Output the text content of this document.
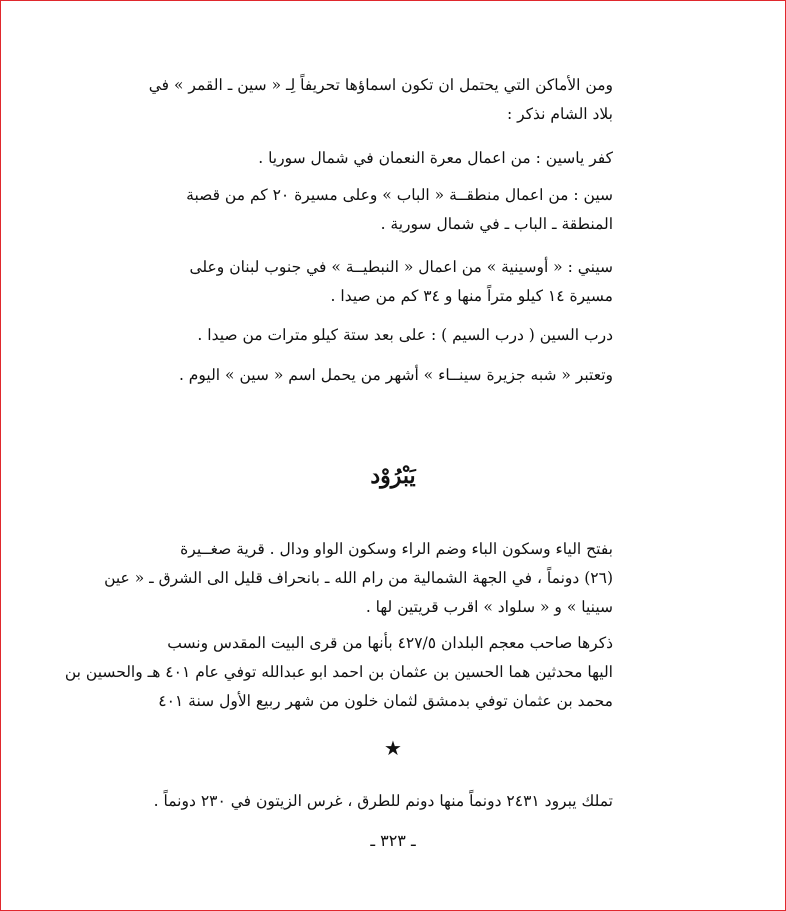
ومن الأماكن التي يحتمل ان تكون اسماؤها تحريفاً لِـ « سين ـ القمر » في
بلاد الشام نذكر :

كفر ياسين : من اعمال معرة النعمان في شمال سوريا .

سين : من اعمال منطقــة « الباب » وعلى مسيرة ٢٠ كم من قصبة
المنطقة ـ الباب ـ في شمال سورية .

سيني : « أوسينية » من اعمال « النبطيــة » في جنوب لبنان وعلى
مسيرة ١٤ كيلو متراً منها و ٣٤ كم من صيدا .

درب السين ( درب السيم ) : على بعد ستة كيلو مترات من صيدا .

وتعتبر « شبه جزيرة سينــاء » أشهر من يحمل اسم « سين » اليوم .

يَبْرُوْد

بفتح الياء وسكون الباء وضم الراء وسكون الواو ودال . قرية صغــيرة
(٢٦) دونماً ، في الجهة الشمالية من رام الله ـ بانحراف قليل الى الشرق ـ « عين
سينيا » و « سلواد » اقرب قريتين لها .

ذكرها صاحب معجم البلدان ٤٢٧/٥ بأنها من قرى البيت المقدس ونسب
اليها محدثين هما الحسين بن عثمان بن احمد ابو عبدالله توفي عام ٤٠١ هـ والحسين بن
محمد بن عثمان توفي بدمشق لثمان خلون من شهر ربيع الأول سنة ٤٠١

★

تملك يبرود ٢٤٣١ دونماً منها دونم للطرق ، غرس الزيتون في ٢٣٠ دونماً .

ـ ٣٢٣ ـ
